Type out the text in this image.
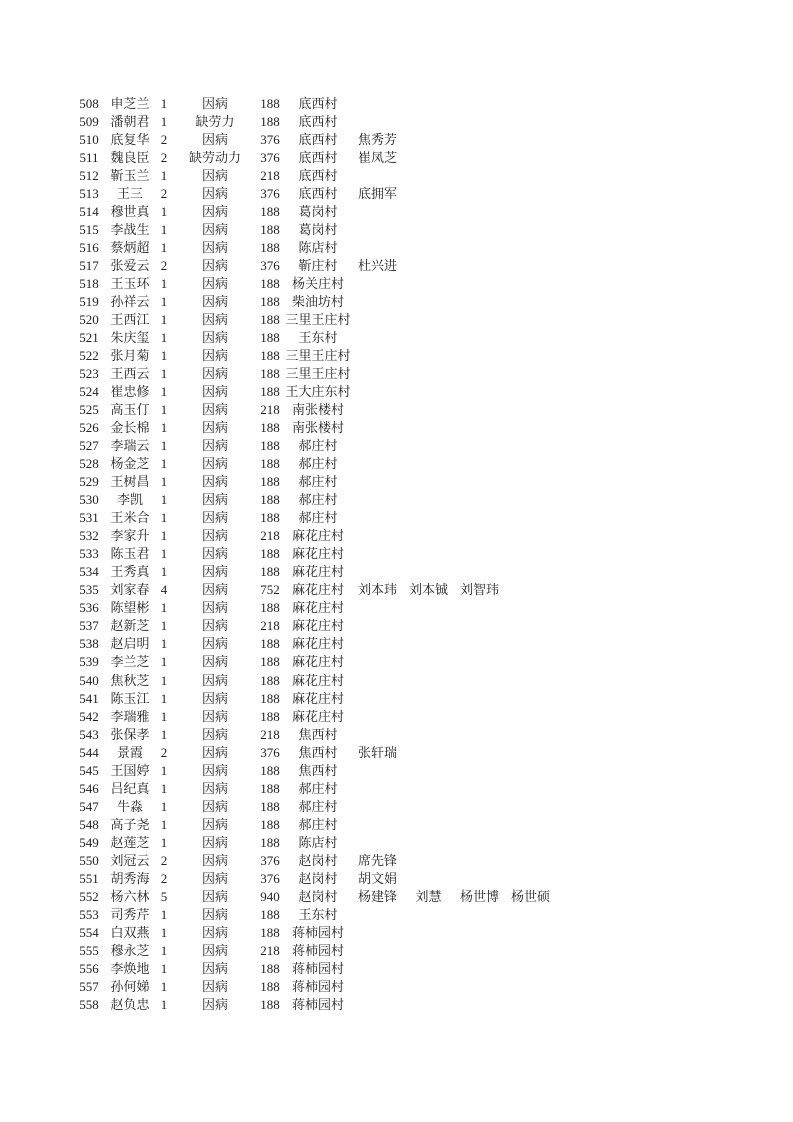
508 申芝兰 1	因病	188	底西村
509 潘朝君 1	缺劳力	188	底西村
510 底复华 2	因病	376	底西村	焦秀芳
511 魏良臣 2	缺劳动力	376	底西村	崔凤芝
512 靳玉兰 1	因病	218	底西村
513	王三	2	因病	376	底西村	底拥军
514 穆世真 1	因病	188	葛岗村
515 李战生 1	因病	188	葛岗村
516 蔡炳超 1	因病	188	陈店村
517 张爱云 2	因病	376	靳庄村	杜兴进
518 王玉环 1	因病	188 杨关庄村
519 孙祥云 1	因病	188 柴油坊村
520 王西江 1	因病	188 三里王庄村
521 朱庆玺 1	因病	188	王东村
522 张月菊 1	因病	188 三里王庄村
523 王西云 1	因病	188 三里王庄村
524 崔忠修 1	因病	188 王大庄东村
525 高玉仃 1	因病	218 南张楼村
526 金长棉 1	因病	188 南张楼村
527 李瑞云 1	因病	188	郝庄村
528 杨金芝 1	因病	188	郝庄村
529 王树昌 1	因病	188	郝庄村
530	李凯	1	因病	188	郝庄村
531 王米合 1	因病	188	郝庄村
532 李家升 1	因病	218 麻花庄村
533 陈玉君 1	因病	188 麻花庄村
534 王秀真 1	因病	188 麻花庄村
535 刘家春 4	因病	752 麻花庄村	刘本玮 刘本铖 刘智玮
536 陈望彬 1	因病	188 麻花庄村
537 赵新芝 1	因病	218 麻花庄村
538 赵启明 1	因病	188 麻花庄村
539 李兰芝 1	因病	188 麻花庄村
540 焦秋芝 1	因病	188 麻花庄村
541 陈玉江 1	因病	188 麻花庄村
542 李瑞雅 1	因病	188 麻花庄村
543 张保孝 1	因病	218	焦西村
544	景霞	2	因病	376	焦西村	张轩瑞
545 王国婷 1	因病	188	焦西村
546 吕纪真 1	因病	188	郝庄村
547	牛淼	1	因病	188	郝庄村
548 高子尧 1	因病	188	郝庄村
549 赵莲芝 1	因病	188	陈店村
550 刘冠云 2	因病	376	赵岗村	席先锋
551 胡秀海 2	因病	376	赵岗村	胡文娟
552 杨六林 5	因病	940	赵岗村	杨建锋	刘慧	杨世博 杨世硕
553 司秀芹 1	因病	188	王东村
554 白双燕 1	因病	188 蒋柿园村
555 穆永芝 1	因病	218 蒋柿园村
556 李焕地 1	因病	188 蒋柿园村
557 孙何娣 1	因病	188 蒋柿园村
558 赵负忠 1	因病	188 蒋柿园村
